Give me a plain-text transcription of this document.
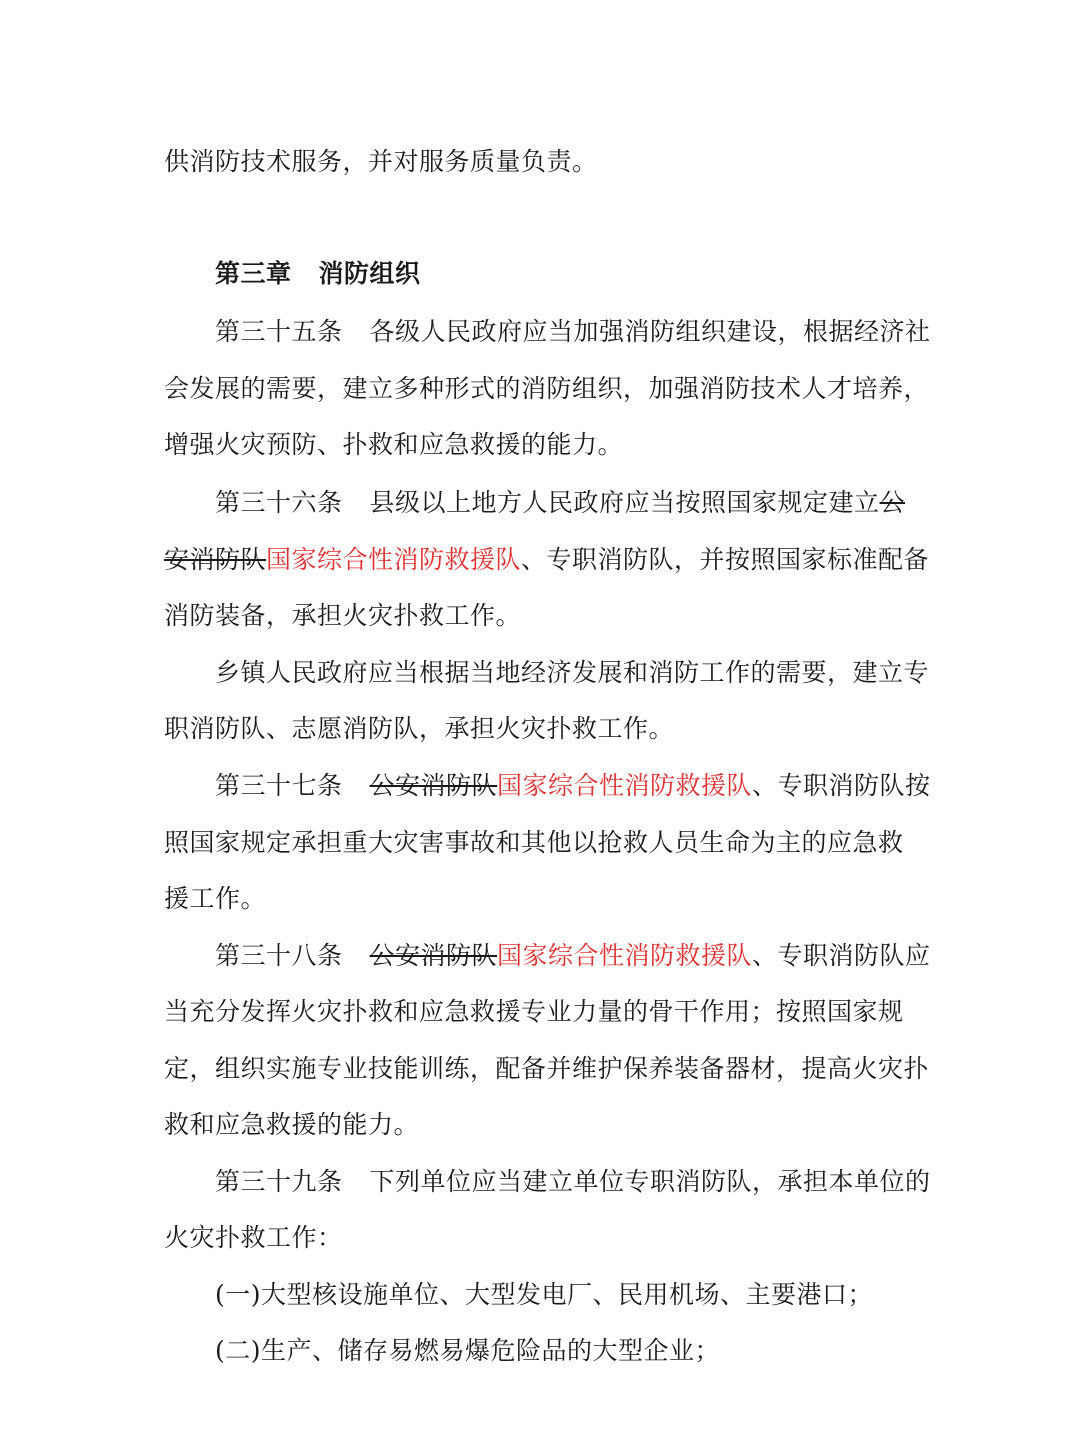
供消防技术服务，并对服务质量负责。
第三章 消防组织
第三十五条 各级人民政府应当加强消防组织建设，根据经济社
会发展的需要，建立多种形式的消防组织，加强消防技术人才培养，
增强火灾预防、扑救和应急救援的能力。
第三十六条 县级以上地方人民政府应当按照国家规定建立公
安消防队国家综合性消防救援队、专职消防队，并按照国家标准配备
消防装备，承担火灾扑救工作。
乡镇人民政府应当根据当地经济发展和消防工作的需要，建立专
职消防队、志愿消防队，承担火灾扑救工作。
第三十七条 公安消防队国家综合性消防救援队、专职消防队按
照国家规定承担重大灾害事故和其他以抢救人员生命为主的应急救
援工作。
第三十八条 公安消防队国家综合性消防救援队、专职消防队应
当充分发挥火灾扑救和应急救援专业力量的骨干作用；按照国家规
定，组织实施专业技能训练，配备并维护保养装备器材，提高火灾扑
救和应急救援的能力。
第三十九条 下列单位应当建立单位专职消防队，承担本单位的
火灾扑救工作：
(一)大型核设施单位、大型发电厂、民用机场、主要港口；
(二)生产、储存易燃易爆危险品的大型企业；
